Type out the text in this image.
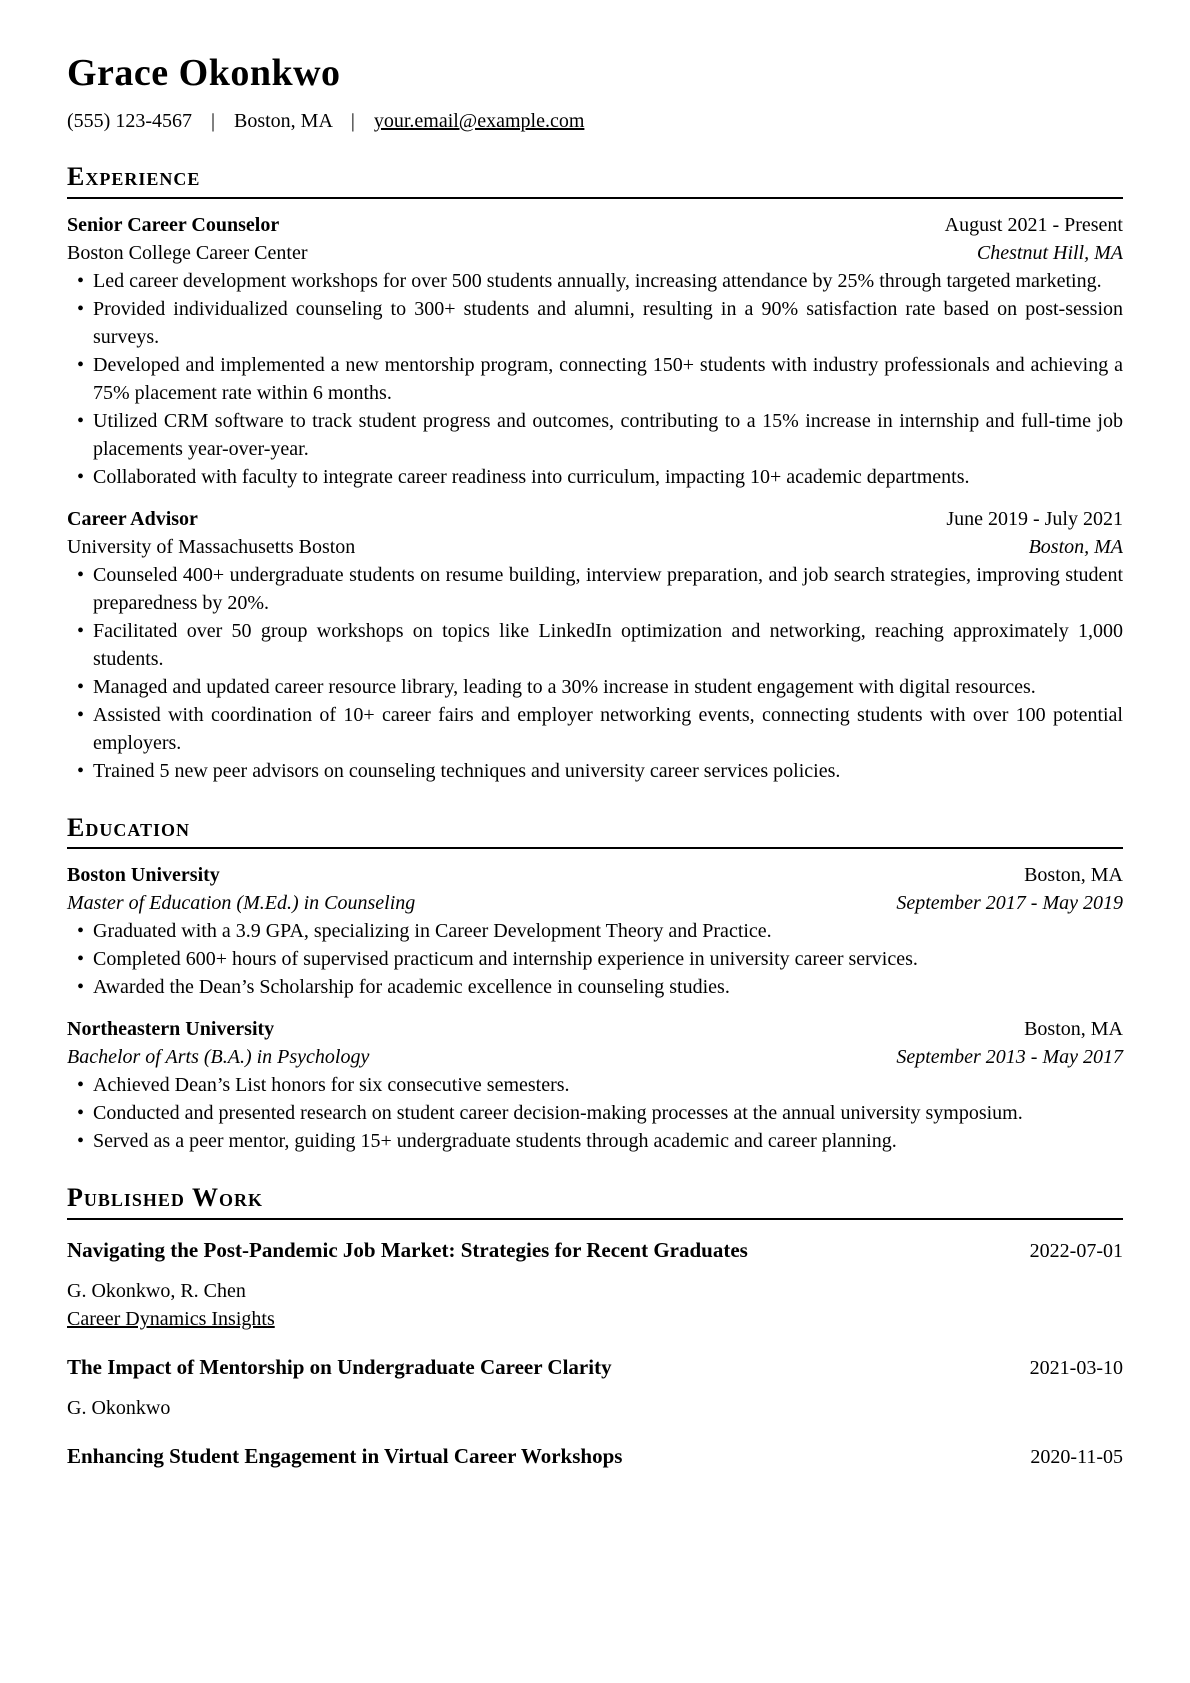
Grace Okonkwo
(555) 123-4567 | Boston, MA | your.email@example.com
Experience
Senior Career Counselor	August 2021 - Present
Boston College Career Center	Chestnut Hill, MA
• Led career development workshops for over 500 students annually, increasing attendance by 25% through targeted marketing.
• Provided individualized counseling to 300+ students and alumni, resulting in a 90% satisfaction rate based on post-session surveys.
• Developed and implemented a new mentorship program, connecting 150+ students with industry professionals and achieving a 75% placement rate within 6 months.
• Utilized CRM software to track student progress and outcomes, contributing to a 15% increase in internship and full-time job placements year-over-year.
• Collaborated with faculty to integrate career readiness into curriculum, impacting 10+ academic departments.
Career Advisor	June 2019 - July 2021
University of Massachusetts Boston	Boston, MA
• Counseled 400+ undergraduate students on resume building, interview preparation, and job search strategies, improving student preparedness by 20%.
• Facilitated over 50 group workshops on topics like LinkedIn optimization and networking, reaching approximately 1,000 students.
• Managed and updated career resource library, leading to a 30% increase in student engagement with digital resources.
• Assisted with coordination of 10+ career fairs and employer networking events, connecting students with over 100 potential employers.
• Trained 5 new peer advisors on counseling techniques and university career services policies.
Education
Boston University	Boston, MA
Master of Education (M.Ed.) in Counseling	September 2017 - May 2019
• Graduated with a 3.9 GPA, specializing in Career Development Theory and Practice.
• Completed 600+ hours of supervised practicum and internship experience in university career services.
• Awarded the Dean’s Scholarship for academic excellence in counseling studies.
Northeastern University	Boston, MA
Bachelor of Arts (B.A.) in Psychology	September 2013 - May 2017
• Achieved Dean’s List honors for six consecutive semesters.
• Conducted and presented research on student career decision-making processes at the annual university symposium.
• Served as a peer mentor, guiding 15+ undergraduate students through academic and career planning.
Published Work
Navigating the Post-Pandemic Job Market: Strategies for Recent Graduates	2022-07-01
G. Okonkwo, R. Chen
Career Dynamics Insights
The Impact of Mentorship on Undergraduate Career Clarity	2021-03-10
G. Okonkwo
Enhancing Student Engagement in Virtual Career Workshops	2020-11-05
